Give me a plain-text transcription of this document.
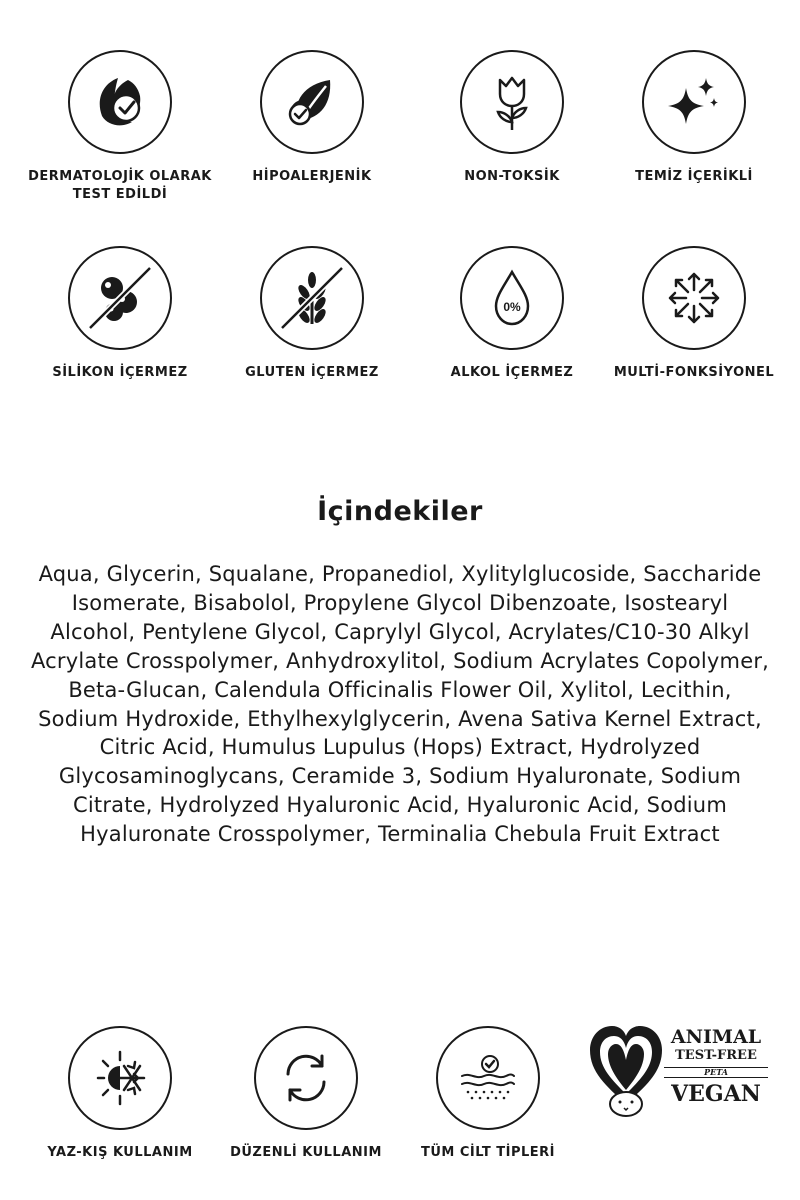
DERMATOLOJİK OLARAK TEST EDİLDİ
HİPOALERJENİK	NON-TOKSİK	TEMİZ İÇERİKLİ
SİLİKON İÇERMEZ	GLUTEN İÇERMEZ
0%
ALKOL İÇERMEZ	MULTİ-FONKSİYONEL
İçindekiler
Aqua, Glycerin, Squalane, Propanediol, Xylitylglucoside, Saccharide Isomerate, Bisabolol, Propylene Glycol Dibenzoate, Isostearyl Alcohol, Pentylene Glycol, Caprylyl Glycol, Acrylates/C10-30 Alkyl Acrylate Crosspolymer, Anhydroxylitol, Sodium Acrylates Copolymer, Beta-Glucan, Calendula Officinalis Flower Oil, Xylitol, Lecithin, Sodium Hydroxide, Ethylhexylglycerin, Avena Sativa Kernel Extract, Citric Acid, Humulus Lupulus (Hops) Extract, Hydrolyzed Glycosaminoglycans, Ceramide 3, Sodium Hyaluronate, Sodium Citrate, Hydrolyzed Hyaluronic Acid, Hyaluronic Acid, Sodium Hyaluronate Crosspolymer, Terminalia Chebula Fruit Extract
YAZ-KIŞ KULLANIM	DÜZENLİ KULLANIM	TÜM CİLT TİPLERİ
ANIMAL
TEST-FREE
PETA
VEGAN
